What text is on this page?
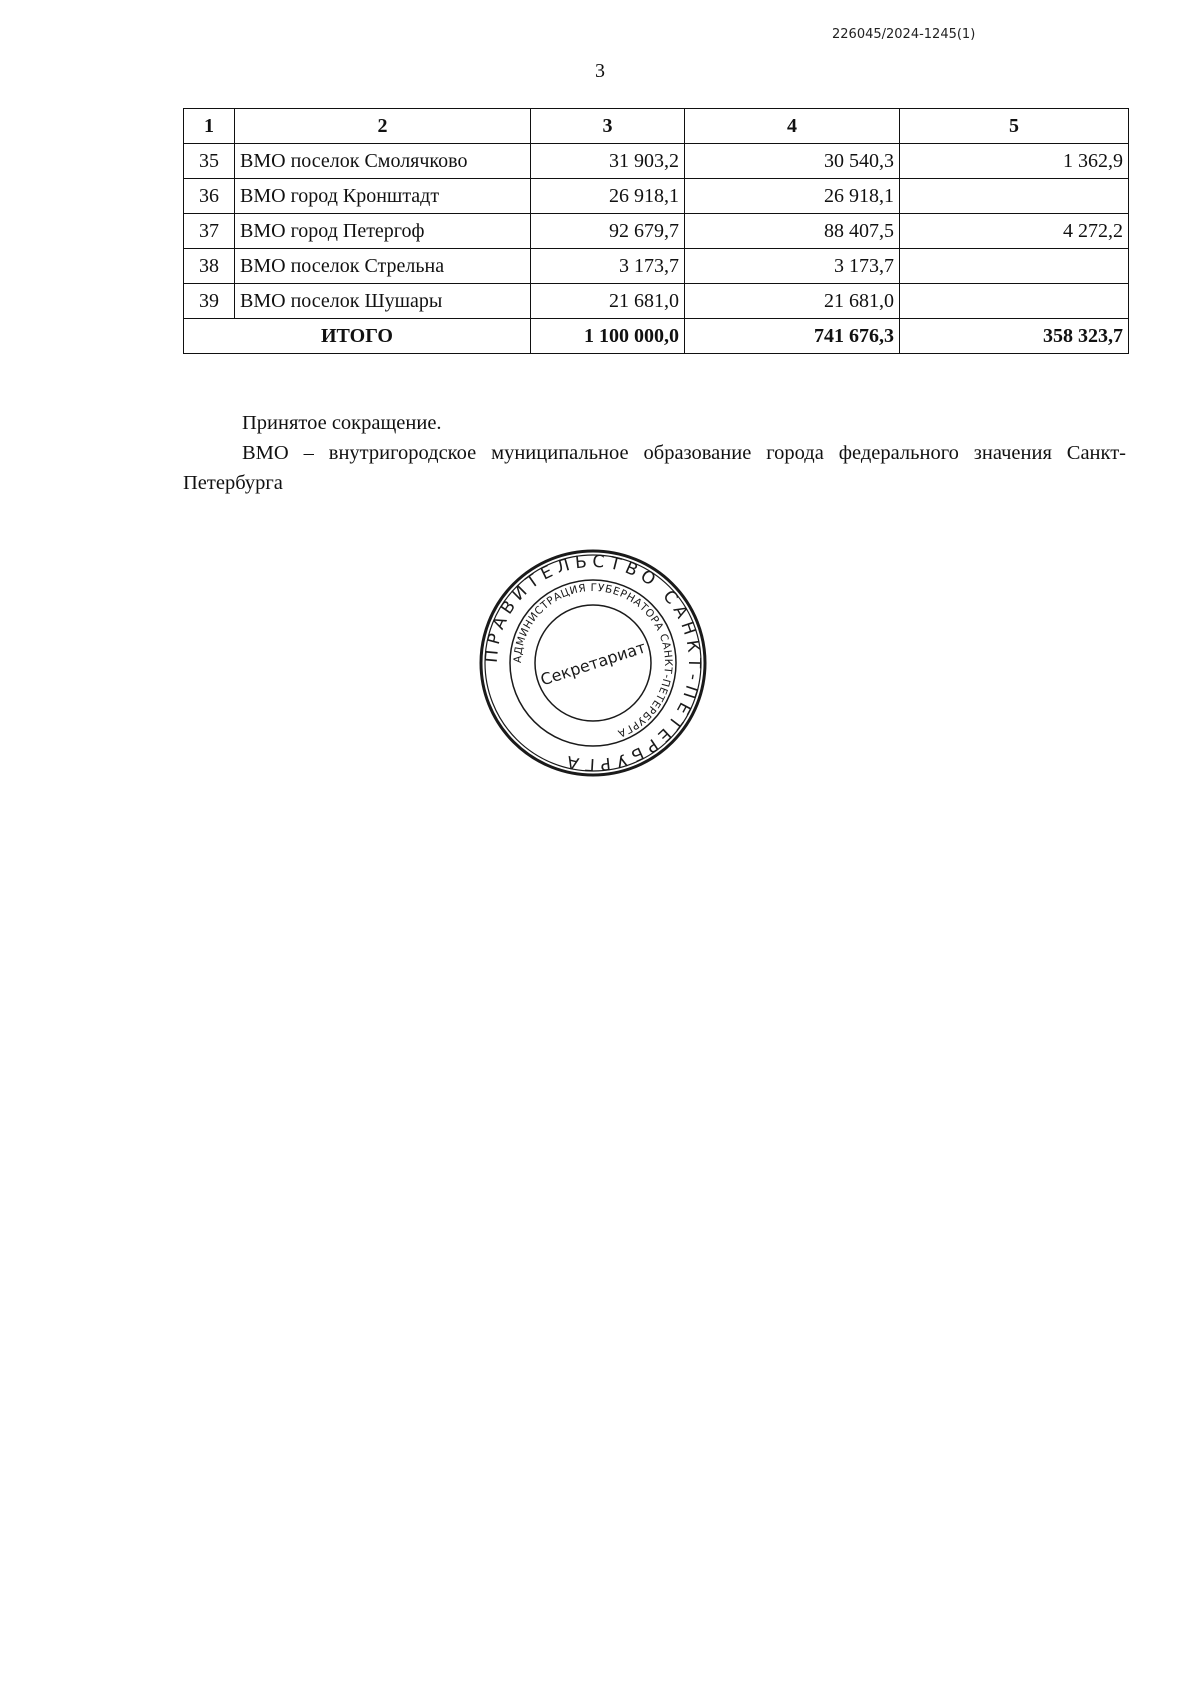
226045/2024-1245(1)
3
1	2	3	4	5
35	ВМО поселок Смолячково	31 903,2	30 540,3	1 362,9
36	ВМО город Кронштадт	26 918,1	26 918,1	
37	ВМО город Петергоф	92 679,7	88 407,5	4 272,2
38	ВМО поселок Стрельна	3 173,7	3 173,7	
39	ВМО поселок Шушары	21 681,0	21 681,0	
ИТОГО		1 100 000,0	741 676,3	358 323,7

Принятое сокращение.

ВМО – внутригородское муниципальное образование города федерального значения Санкт-Петербурга

ПРАВИТЕЛЬСТВО САНКТ-ПЕТЕРБУРГА
АДМИНИСТРАЦИЯ ГУБЕРНАТОРА САНКТ-ПЕТЕРБУРГА
Секретариат
